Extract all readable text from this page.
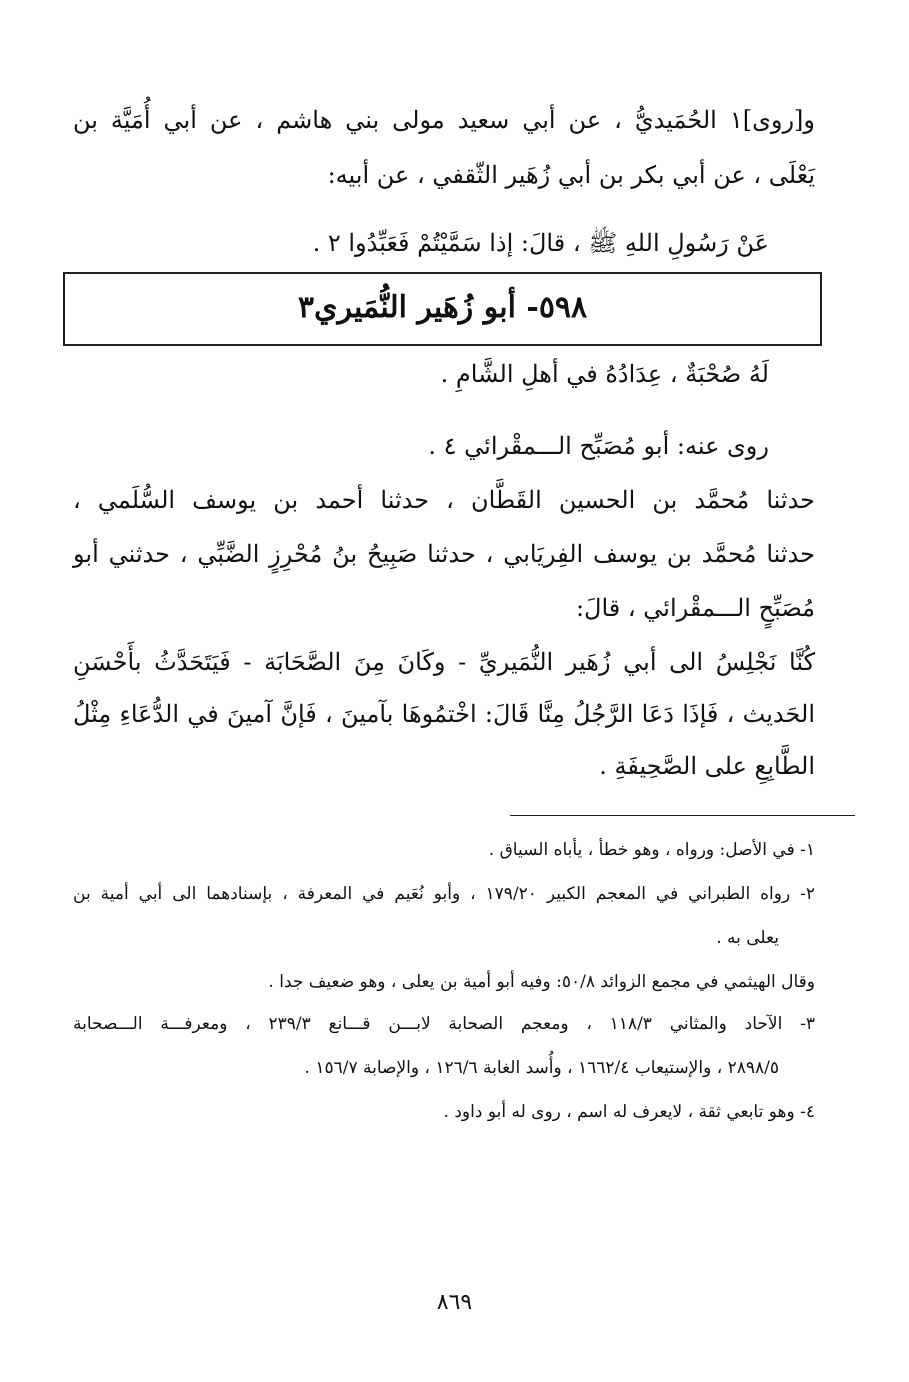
و[روى]١ الحُمَيديُّ ، عن أبي سعيد مولى بني هاشم ، عن أبي أُمَيَّة بن
يَعْلَى ، عن أبي بكر بن أبي زُهَير الثّقفي ، عن أبيه:
عَنْ رَسُولِ اللهِ ﷺ ، قالَ: إذا سَمَّيْتُمْ فَعَبِّدُوا ٢ .
٥٩٨- أبو زُهَير النُّمَيري٣
لَهُ صُحْبَةٌ ، عِدَادُهُ في أهلِ الشَّامِ .
روى عنه: أبو مُصَبِّح الـــمقْرائي ٤ .
حدثنا مُحمَّد بن الحسين القَطَّان ، حدثنا أحمد بن يوسف السُّلَمي ،
حدثنا مُحمَّد بن يوسف الفِريَابي ، حدثنا صَبِيحُ بنُ مُحْرِزٍ الضَّبِّي ، حدثني أبو
مُصَبِّحٍ الـــمقْرائي ، قالَ:
كُنَّا نَجْلِسُ الى أبي زُهَير النُّمَيريِّ - وكَانَ مِنَ الصَّحَابَة - فَيَتَحَدَّثُ بأَحْسَنِ
الحَديث ، فَإذَا دَعَا الرَّجُلُ مِنَّا قَالَ: اخْتمُوهَا بآمينَ ، فَإنَّ آمينَ في الدُّعَاءِ مِثْلُ
الطَّابِعِ على الصَّحِيفَةِ .
١- في الأصل: ورواه ، وهو خطأ ، يأباه السياق .
٢- رواه الطبراني في المعجم الكبير ١٧٩/٢٠ ، وأبو نُعَيم في المعرفة ، بإسنادهما الى أبي أمية بن
يعلى به .
وقال الهيثمي في مجمع الزوائد ٥٠/٨: وفيه أبو أمية بن يعلى ، وهو ضعيف جدا .
٣- الآحاد والمثاني ١١٨/٣ ، ومعجم الصحابة لابـــن قـــانع ٢٣٩/٣ ، ومعرفـــة الـــصحابة
٢٨٩٨/٥ ، والإستيعاب ١٦٦٢/٤ ، وأُسد الغابة ١٢٦/٦ ، والإصابة ١٥٦/٧ .
٤- وهو تابعي ثقة ، لايعرف له اسم ، روى له أبو داود .
٨٦٩
